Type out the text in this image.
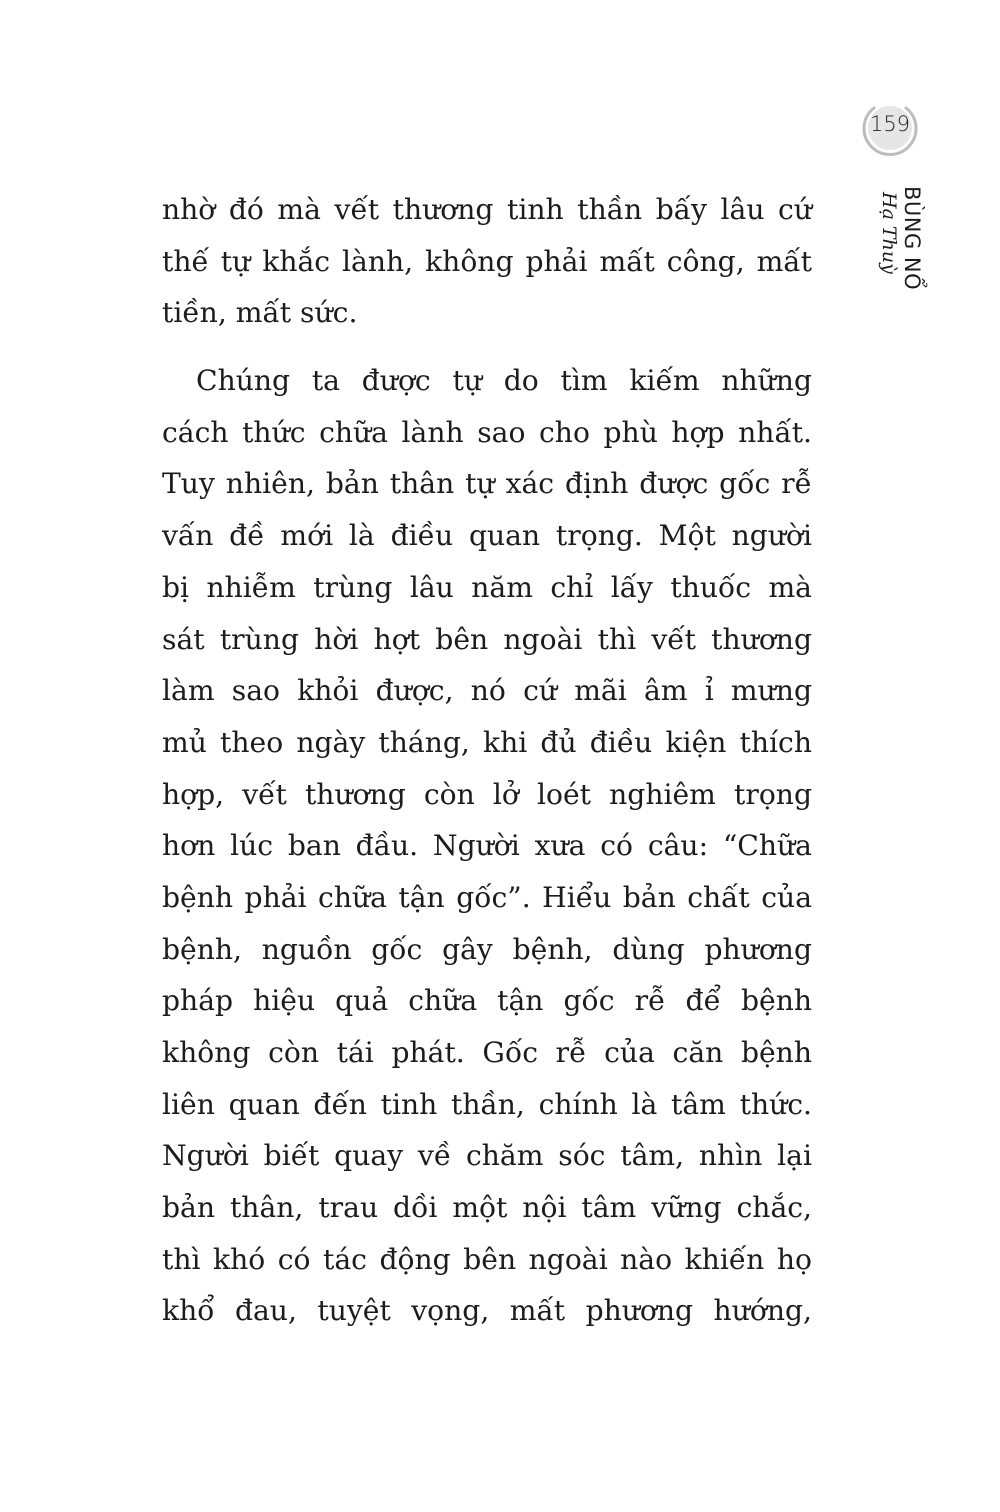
159
BÙNG NỔ
Hạ Thuỳ
nhờ đó mà vết thương tinh thần bấy lâu cứ
thế tự khắc lành, không phải mất công, mất
tiền, mất sức.
Chúng ta được tự do tìm kiếm những
cách thức chữa lành sao cho phù hợp nhất.
Tuy nhiên, bản thân tự xác định được gốc rễ
vấn đề mới là điều quan trọng. Một người
bị nhiễm trùng lâu năm chỉ lấy thuốc mà
sát trùng hời hợt bên ngoài thì vết thương
làm sao khỏi được, nó cứ mãi âm ỉ mưng
mủ theo ngày tháng, khi đủ điều kiện thích
hợp, vết thương còn lở loét nghiêm trọng
hơn lúc ban đầu. Người xưa có câu: “Chữa
bệnh phải chữa tận gốc”. Hiểu bản chất của
bệnh, nguồn gốc gây bệnh, dùng phương
pháp hiệu quả chữa tận gốc rễ để bệnh
không còn tái phát. Gốc rễ của căn bệnh
liên quan đến tinh thần, chính là tâm thức.
Người biết quay về chăm sóc tâm, nhìn lại
bản thân, trau dồi một nội tâm vững chắc,
thì khó có tác động bên ngoài nào khiến họ
khổ đau, tuyệt vọng, mất phương hướng,
